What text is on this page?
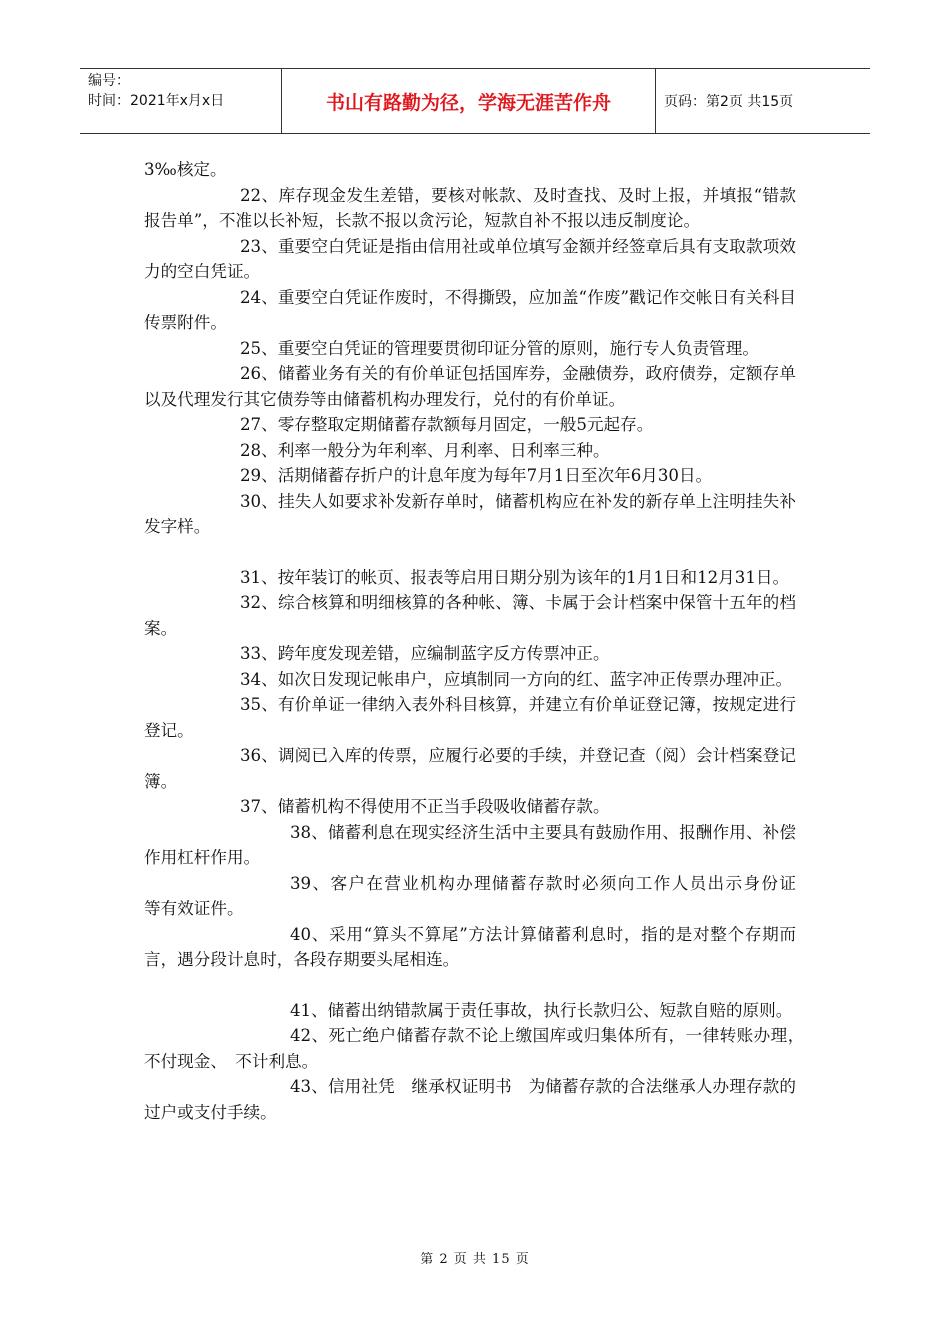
编号：
时间：2021年x月x日	书山有路勤为径，学海无涯苦作舟	页码：第2页 共15页

3‰核定。

22、库存现金发生差错，要核对帐款、及时查找、及时上报，并填报“错款报告单”，不准以长补短，长款不报以贪污论，短款自补不报以违反制度论。

23、重要空白凭证是指由信用社或单位填写金额并经签章后具有支取款项效力的空白凭证。

24、重要空白凭证作废时，不得撕毁，应加盖“作废”戳记作交帐日有关科目传票附件。

25、重要空白凭证的管理要贯彻印证分管的原则，施行专人负责管理。

26、储蓄业务有关的有价单证包括国库券，金融债券，政府债券，定额存单以及代理发行其它债券等由储蓄机构办理发行，兑付的有价单证。

27、零存整取定期储蓄存款额每月固定，一般5元起存。

28、利率一般分为年利率、月利率、日利率三种。

29、活期储蓄存折户的计息年度为每年7月1日至次年6月30日。

30、挂失人如要求补发新存单时，储蓄机构应在补发的新存单上注明挂失补发字样。

31、按年装订的帐页、报表等启用日期分别为该年的1月1日和12月31日。

32、综合核算和明细核算的各种帐、簿、卡属于会计档案中保管十五年的档案。

33、跨年度发现差错，应编制蓝字反方传票冲正。

34、如次日发现记帐串户，应填制同一方向的红、蓝字冲正传票办理冲正。

35、有价单证一律纳入表外科目核算，并建立有价单证登记簿，按规定进行登记。

36、调阅已入库的传票，应履行必要的手续，并登记查（阅）会计档案登记簿。

37、储蓄机构不得使用不正当手段吸收储蓄存款。

38、储蓄利息在现实经济生活中主要具有鼓励作用、报酬作用、补偿作用杠杆作用。

39、客户在营业机构办理储蓄存款时必须向工作人员出示身份证　　　　　　等有效证件。

40、采用“算头不算尾”方法计算储蓄利息时，指的是对整个存期而言，遇分段计息时，各段存期要头尾相连。

41、储蓄出纳错款属于责任事故，执行长款归公、短款自赔的原则。

42、死亡绝户储蓄存款不论上缴国库或归集体所有，一律转账办理，　不付现金、　不计利息。

43、信用社凭　继承权证明书　为储蓄存款的合法继承人办理存款的过户或支付手续。

第 2 页 共 15 页
